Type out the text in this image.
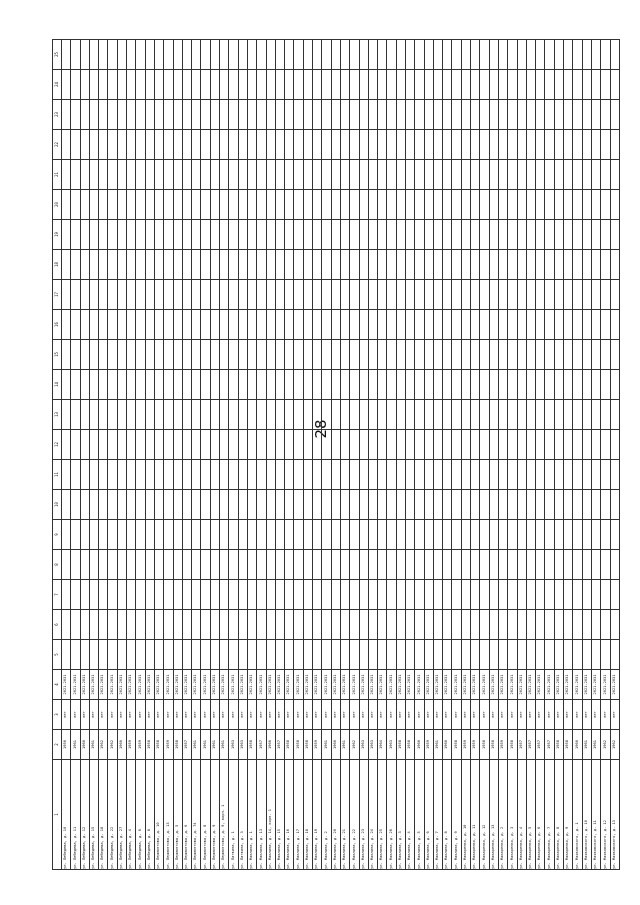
28
1	2	3	4	5	6	7	8	9	10	11	12	13	14	15	16	17	18	19	20	21	22	23	24	25
ул. Лебедева, д. 10	1956	нет	2021-2031																					
ул. Лебедева, д. 11	1961	нет	2021-2031																					
ул. Лебедева, д. 12	1960	нет	2021-2031																					
ул. Лебедева, д. 15	1961	нет	2021-2031																					
ул. Лебедева, д. 18	1962	нет	2021-2031																					
ул. Лебедева, д. 22	1962	нет	2021-2031																					
ул. Лебедева, д. 27	1960	нет	2021-2031																					
ул. Лебедева, д. 4	1959	нет	2021-2031																					
ул. Лебедева, д. 6	1959	нет	2021-2031																					
ул. Лебедева, д. 8	1958	нет	2021-2031																					
ул. Лермонтова, д. 10	1958	нет	2021-2031																					
ул. Лермонтова, д. 13	1959	нет	2021-2031																					
ул. Лермонтова, д. 5	1958	нет	2021-2031																					
ул. Лермонтова, д. 6	1957	нет	2021-2031																					
ул. Лермонтова, д. 74	1961	нет	2021-2031																					
ул. Лермонтова, д. 8	1961	нет	2021-2031																					
ул. Лермонтова, д. 9	1961	нет	2021-2031																					
ул. Лермонтова, д. 9, корп. 1	1961	нет	2021-2031																					
ул. Литвина, д. 1	1963	нет	2021-2031																					
ул. Литвина, д. 3	1963	нет	2021-2031																					
ул. Маклина, д. 1	1958	нет	2021-2031																					
ул. Маклина, д. 13	1957	нет	2021-2031																					
ул. Маклина, д. 14, корп. 1	1966	нет	2021-2031																					
ул. Маклина, д. 15	1957	нет	2021-2031																					
ул. Маклина, д. 16	1958	нет	2021-2031																					
ул. Маклина, д. 17	1958	нет	2021-2031																					
ул. Маклина, д. 18	1958	нет	2021-2031																					
ул. Маклина, д. 19	1959	нет	2021-2031																					
ул. Маклина, д. 2	1961	нет	2021-2031																					
ул. Маклина, д. 20	1960	нет	2021-2031																					
ул. Маклина, д. 21	1961	нет	2021-2031																					
ул. Маклина, д. 22	1962	нет	2021-2031																					
ул. Маклина, д. 23	1963	нет	2021-2031																					
ул. Маклина, д. 24	1963	нет	2021-2031																					
ул. Маклина, д. 25	1964	нет	2021-2031																					
ул. Маклина, д. 26	1963	нет	2021-2031																					
ул. Маклина, д. 3	1958	нет	2021-2031																					
ул. Маклина, д. 4	1958	нет	2021-2031																					
ул. Маклина, д. 5	1960	нет	2021-2031																					
ул. Маклина, д. 6	1959	нет	2021-2031																					
ул. Маклина, д. 7	1961	нет	2021-2031																					
ул. Маклина, д. 8	1960	нет	2021-2031																					
ул. Маклина, д. 9	1958	нет	2021-2031																					
ул. Макаренко, д. 10	1959	нет	2021-2031																					
ул. Макаренко, д. 11	1959	нет	2021-2031																					
ул. Макаренко, д. 12	1958	нет	2021-2031																					
ул. Макаренко, д. 13	1958	нет	2021-2031																					
ул. Макаренко, д. 2	1959	нет	2021-2031																					
ул. Макаренко, д. 3	1958	нет	2021-2031																					
ул. Макаренко, д. 4	1957	нет	2021-2031																					
ул. Макаренко, д. 5	1957	нет	2021-2031																					
ул. Макаренко, д. 6	1957	нет	2021-2031																					
ул. Макаренко, д. 7	1957	нет	2021-2031																					
ул. Макаренко, д. 8	1958	нет	2021-2031																					
ул. Макаренко, д. 9	1958	нет	2021-2031																					
ул. Маяковского, д. 1	1960	нет	2021-2031																					
ул. Маяковского, д. 10	1961	нет	2021-2031																					
ул. Маяковского, д. 11	1961	нет	2021-2031																					
ул. Маяковского, д. 12	1962	нет	2021-2031																					
ул. Маяковского, д. 13	1962	нет	2021-2031																					
